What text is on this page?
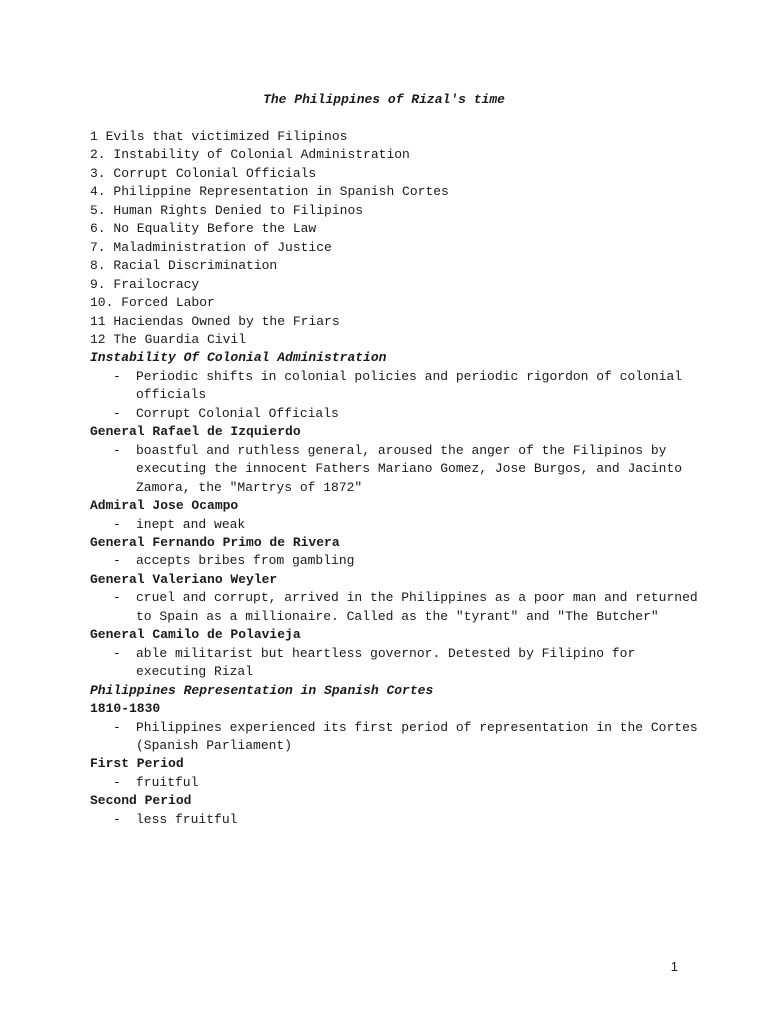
The Philippines of Rizal's time
1 Evils that victimized Filipinos
2. Instability of Colonial Administration
3. Corrupt Colonial Officials
4. Philippine Representation in Spanish Cortes
5. Human Rights Denied to Filipinos
6. No Equality Before the Law
7. Maladministration of Justice
8. Racial Discrimination
9. Frailocracy
10. Forced Labor
11 Haciendas Owned by the Friars
12 The Guardia Civil
Instability Of Colonial Administration
- Periodic shifts in colonial policies and periodic rigordon of colonial officials
- Corrupt Colonial Officials
General Rafael de Izquierdo
- boastful and ruthless general, aroused the anger of the Filipinos by executing the innocent Fathers Mariano Gomez, Jose Burgos, and Jacinto Zamora, the "Martrys of 1872"
Admiral Jose Ocampo
- inept and weak
General Fernando Primo de Rivera
- accepts bribes from gambling
General Valeriano Weyler
- cruel and corrupt, arrived in the Philippines as a poor man and returned to Spain as a millionaire. Called as the "tyrant" and "The Butcher"
General Camilo de Polavieja
- able militarist but heartless governor. Detested by Filipino for executing Rizal
Philippines Representation in Spanish Cortes
1810-1830
- Philippines experienced its first period of representation in the Cortes
(Spanish Parliament)
First Period
- fruitful
Second Period
- less fruitful
1
